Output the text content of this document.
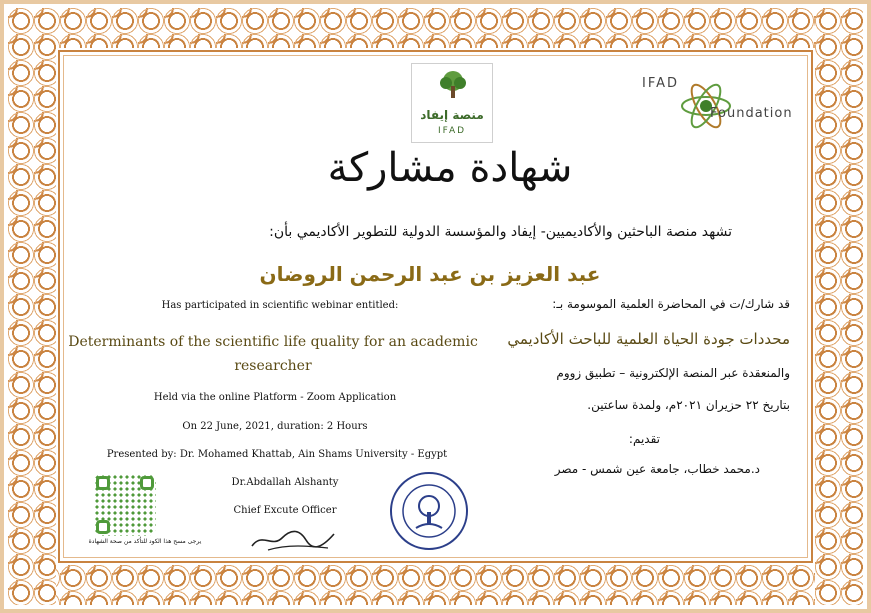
منصة إيفاد
IFAD
IFAD
Foundation
شهادة مشاركة
تشهد منصة الباحثين والأكاديميين- إيفاد والمؤسسة الدولية للتطوير الأكاديمي بأن:
عبد العزيز بن عبد الرحمن الروضان
Has participated in scientific webinar entitled:
Determinants of the scientific life quality for an academic researcher
Held via the online Platform - Zoom Application
On 22 June, 2021, duration: 2 Hours
Presented by: Dr. Mohamed Khattab, Ain Shams University - Egypt
Dr.Abdallah Alshanty
Chief Excute Officer
قد شارك/ت في المحاضرة العلمية الموسومة بـ:
محددات جودة الحياة العلمية للباحث الأكاديمي
والمنعقدة عبر المنصة الإلكترونية – تطبيق زووم
بتاريخ ٢٢ حزيران ٢٠٢١م، ولمدة ساعتين.
تقديم:
د.محمد خطاب، جامعة عين شمس - مصر
يرجى مسح هذا الكود للتأكد من صحة الشهادة
